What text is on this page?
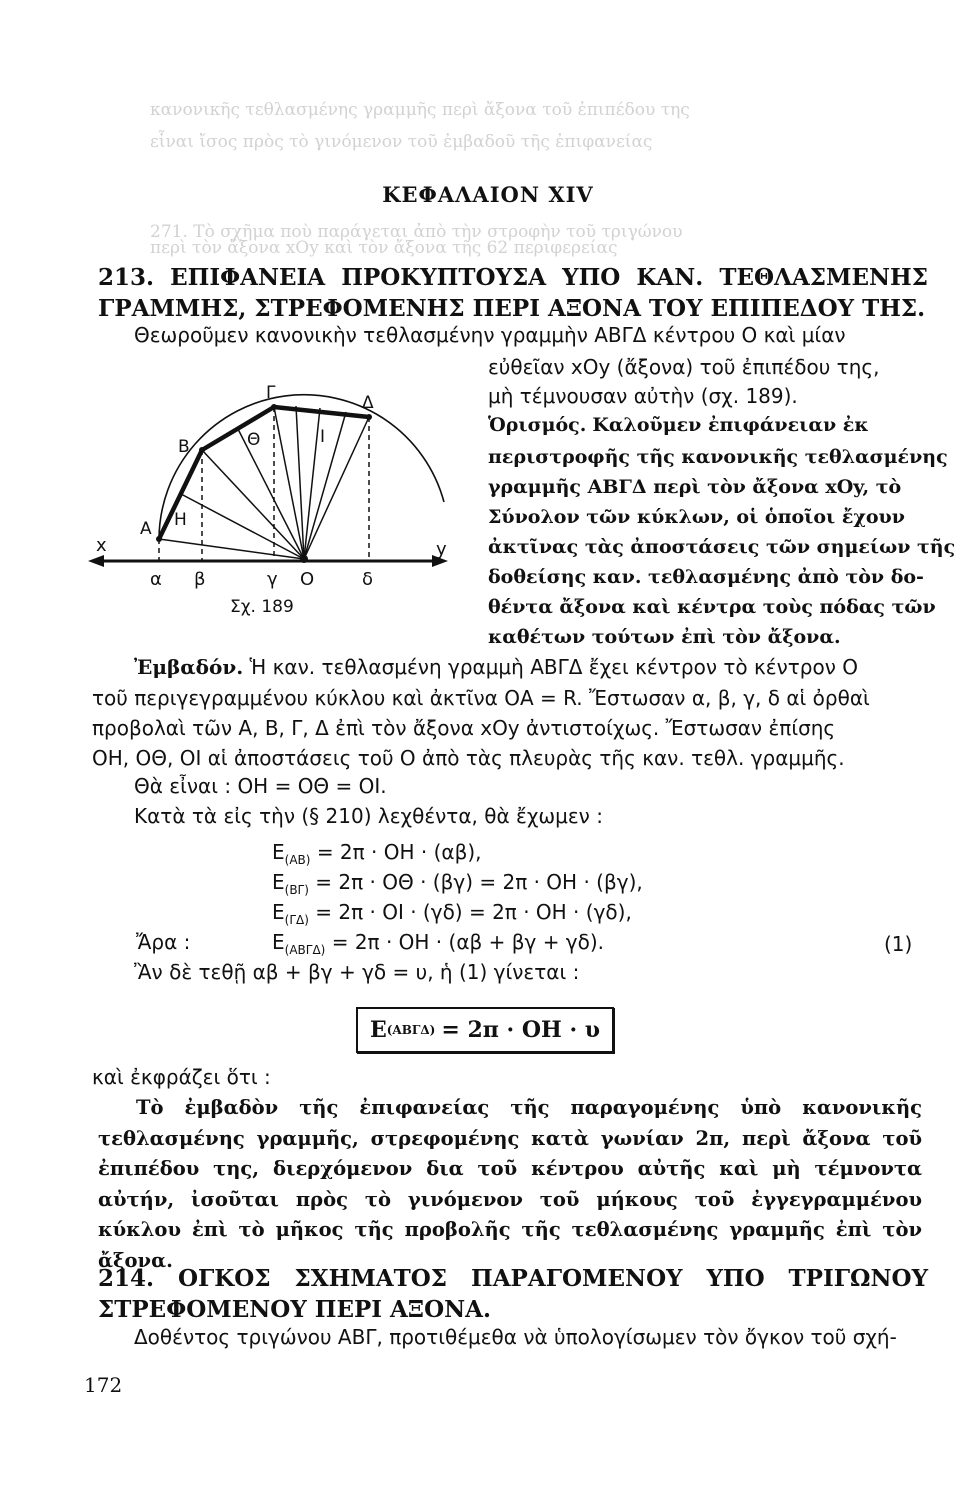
κανονικῆς τεθλασμένης γραμμῆς περὶ ἄξονα τοῦ ἐπιπέδου της
εἶναι ἴσος πρὸς τὸ γινόμενον τοῦ ἐμβαδοῦ τῆς ἐπιφανείας
271. Τὸ σχῆμα ποὺ παράγεται ἀπὸ τὴν στροφὴν τοῦ τριγώνου
περὶ τὸν ἄξονα xOy καὶ τὸν ἄξονα τῆς 62 περιφερείας
ΚΕΦΑΛΑΙΟΝ XIV
213. ΕΠΙΦΑΝΕΙΑ ΠΡΟΚΥΠΤΟΥΣΑ ΥΠΟ ΚΑΝ. ΤΕΘΛΑΣΜΕΝΗΣ ΓΡΑΜΜΗΣ, ΣΤΡΕΦΟΜΕΝΗΣ ΠΕΡΙ ΑΞΟΝΑ ΤΟΥ ΕΠΙΠΕΔΟΥ ΤΗΣ.
Θεωροῦμεν κανονικὴν τεθλασμένην γραμμὴν ΑΒΓΔ κέντρου Ο καὶ μίαν
εὐθεῖαν xOy (ἄξονα) τοῦ ἐπιπέδου της,
μὴ τέμνουσαν αὐτὴν (σχ. 189).
Ὁρισμός. Καλοῦμεν ἐπιφάνειαν ἐκ
περιστροφῆς τῆς κανονικῆς τεθλασμένης
γραμμῆς ΑΒΓΔ περὶ τὸν ἄξονα xOy, τὸ
Σύνολον τῶν κύκλων, οἱ ὁποῖοι ἔχουν
ἀκτῖνας τὰς ἀποστάσεις τῶν σημείων τῆς
δοθείσης καν. τεθλασμένης ἀπὸ τὸν δο-
θέντα ἄξονα καὶ κέντρα τοὺς πόδας τῶν
καθέτων τούτων ἐπὶ τὸν ἄξονα.
Α
Β
Γ	Δ
Η
Θ	Ι
x	y
α β	γ Ο	δ
Σχ. 189
Ἐμβαδόν. Ἡ καν. τεθλασμένη γραμμὴ ΑΒΓΔ ἔχει κέντρον τὸ κέντρον Ο
τοῦ περιγεγραμμένου κύκλου καὶ ἀκτῖνα ΟΑ = R. Ἔστωσαν α, β, γ, δ αἱ ὀρθαὶ
προβολαὶ τῶν Α, Β, Γ, Δ ἐπὶ τὸν ἄξονα xOy ἀντιστοίχως. Ἔστωσαν ἐπίσης
ΟΗ, ΟΘ, ΟΙ αἱ ἀποστάσεις τοῦ Ο ἀπὸ τὰς πλευρὰς τῆς καν. τεθλ. γραμμῆς.
Θὰ εἶναι : ΟΗ = ΟΘ = ΟΙ.
Κατὰ τὰ εἰς τὴν (§ 210) λεχθέντα, θὰ ἔχωμεν :
$E_{(AB)} = 2\pi \cdot OH \cdot (\alpha\beta)$,
$E_{(B\Gamma)} = 2\pi \cdot O\Theta \cdot (\beta\gamma) = 2\pi \cdot OH \cdot (\beta\gamma)$,
$E_{(\Gamma\Delta)} = 2\pi \cdot OI \cdot (\gamma\delta) = 2\pi \cdot OH \cdot (\gamma\delta)$,
Ἄρα :	$E_{(AB\Gamma\Delta)} = 2\pi \cdot OH \cdot (\alpha\beta + \beta\gamma + \gamma\delta)$.	(1)
Ἂν δὲ τεθῇ αβ + βγ + γδ = υ, ἡ (1) γίνεται :
Ε (ΑΒΓΔ) = 2π · ΟΗ · υ
καὶ ἐκφράζει ὅτι :
Τὸ ἐμβαδὸν τῆς ἐπιφανείας τῆς παραγομένης ὑπὸ κανονικῆς τεθλασμένης γραμμῆς, στρεφομένης κατὰ γωνίαν 2π, περὶ ἄξονα τοῦ ἐπιπέδου της, διερχόμενον δια τοῦ κέντρου αὐτῆς καὶ μὴ τέμνοντα αὐτήν, ἰσοῦται πρὸς τὸ γινόμενον τοῦ μήκους τοῦ ἐγγεγραμμένου κύκλου ἐπὶ τὸ μῆκος τῆς προβολῆς τῆς τεθλασμένης γραμμῆς ἐπὶ τὸν ἄξονα.
214. ΟΓΚΟΣ ΣΧΗΜΑΤΟΣ ΠΑΡΑΓΟΜΕΝΟΥ ΥΠΟ ΤΡΙΓΩΝΟΥ ΣΤΡΕΦΟΜΕΝΟΥ ΠΕΡΙ ΑΞΟΝΑ.
Δοθέντος τριγώνου ΑΒΓ, προτιθέμεθα νὰ ὑπολογίσωμεν τὸν ὄγκον τοῦ σχή-
172
